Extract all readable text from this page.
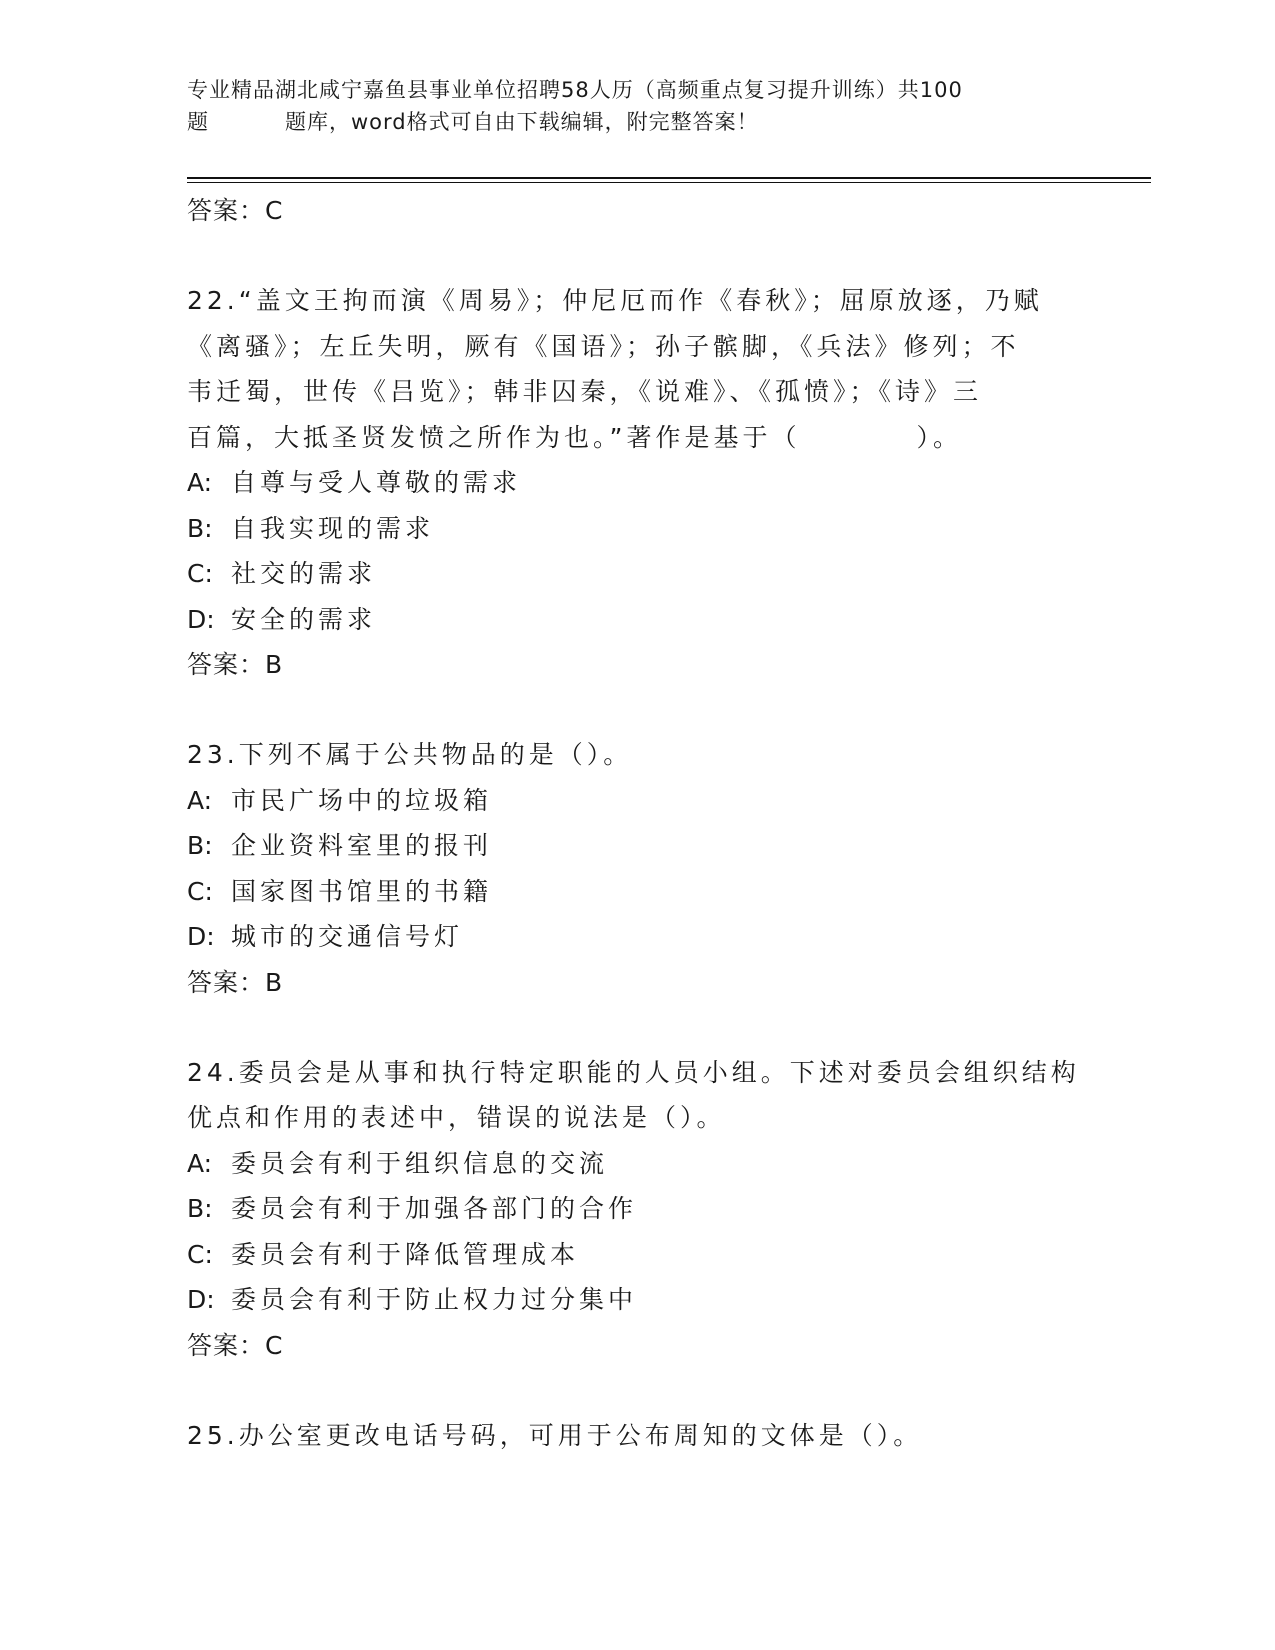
专业精品湖北咸宁嘉鱼县事业单位招聘58人历（高频重点复习提升训练）共100
题	题库，word格式可自由下载编辑，附完整答案！
答案：C
22.“盖文王拘而演《周易》；仲尼厄而作《春秋》；屈原放逐，乃赋
《离骚》；左丘失明，厥有《国语》；孙子髌脚，《兵法》修列；不
韦迁蜀，世传《吕览》；韩非囚秦，《说难》、《孤愤》；《诗》三
百篇，大抵圣贤发愤之所作为也。”著作是基于（　　　　）。
A: 自尊与受人尊敬的需求
B: 自我实现的需求
C: 社交的需求
D: 安全的需求
答案：B
23.下列不属于公共物品的是（）。
A: 市民广场中的垃圾箱
B: 企业资料室里的报刊
C: 国家图书馆里的书籍
D: 城市的交通信号灯
答案：B
24.委员会是从事和执行特定职能的人员小组。下述对委员会组织结构
优点和作用的表述中，错误的说法是（）。
A: 委员会有利于组织信息的交流
B: 委员会有利于加强各部门的合作
C: 委员会有利于降低管理成本
D: 委员会有利于防止权力过分集中
答案：C
25.办公室更改电话号码，可用于公布周知的文体是（）。
